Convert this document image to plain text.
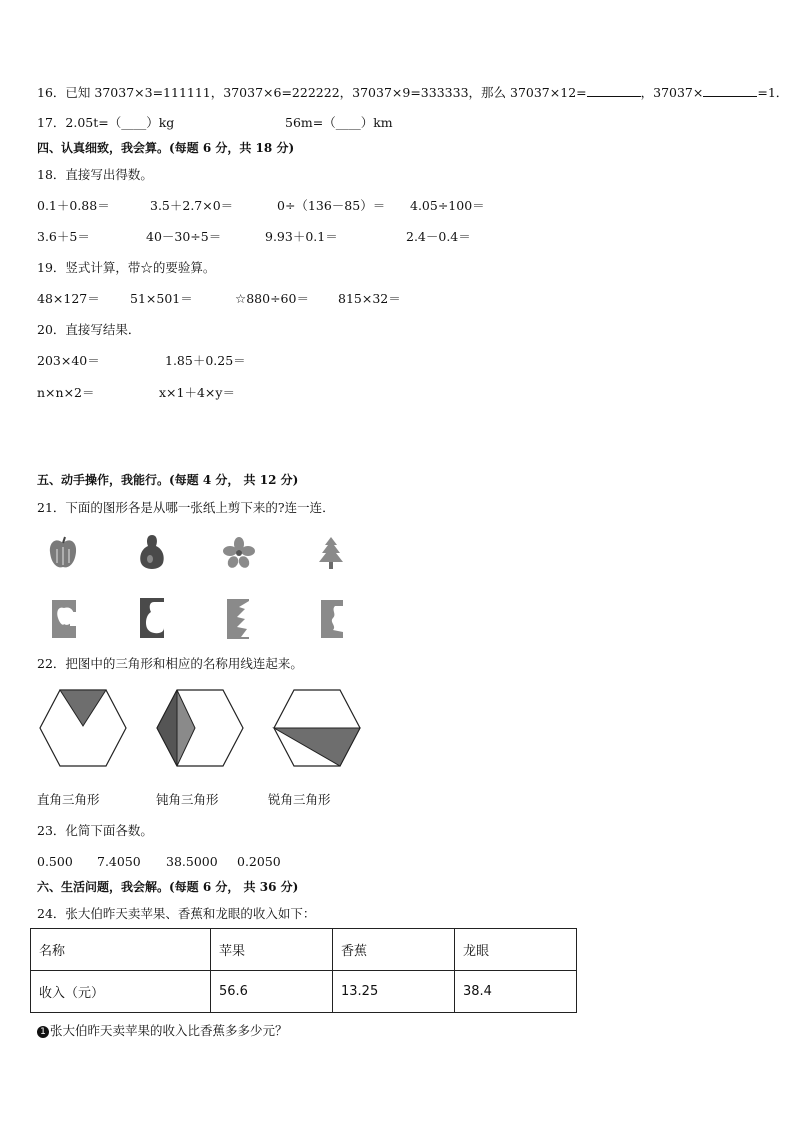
16．已知 37037×3=111111，37037×6=222222，37037×9=333333，那么 37037×12=	，37037×	=1．
17．2.05t=（____）kg	56m=（____）km
四、认真细致，我会算。(每题 6 分，共 18 分)
18．直接写出得数。
0.1＋0.88＝	3.5＋2.7×0＝	0÷（136－85）＝ 4.05÷100＝
3.6＋5＝	40－30÷5＝	9.93＋0.1＝	2.4－0.4＝
19．竖式计算，带☆的要验算。
48×127＝ 51×501＝	☆880÷60＝ 815×32＝
20．直接写结果．
203×40＝	1.85＋0.25＝
n×n×2＝	x×1＋4×y＝
五、动手操作，我能行。(每题 4 分， 共 12 分)
21．下面的图形各是从哪一张纸上剪下来的?连一连．
22．把图中的三角形和相应的名称用线连起来。
直角三角形	钝角三角形	锐角三角形
23．化简下面各数。
0.500 7.4050 38.5000 0.2050
六、生活问题，我会解。(每题 6 分， 共 36 分)
24．张大伯昨天卖苹果、香蕉和龙眼的收入如下：
名称	苹果	香蕉	龙眼
收入（元）	56.6	13.25	38.4
1 张大伯昨天卖苹果的收入比香蕉多多少元？
